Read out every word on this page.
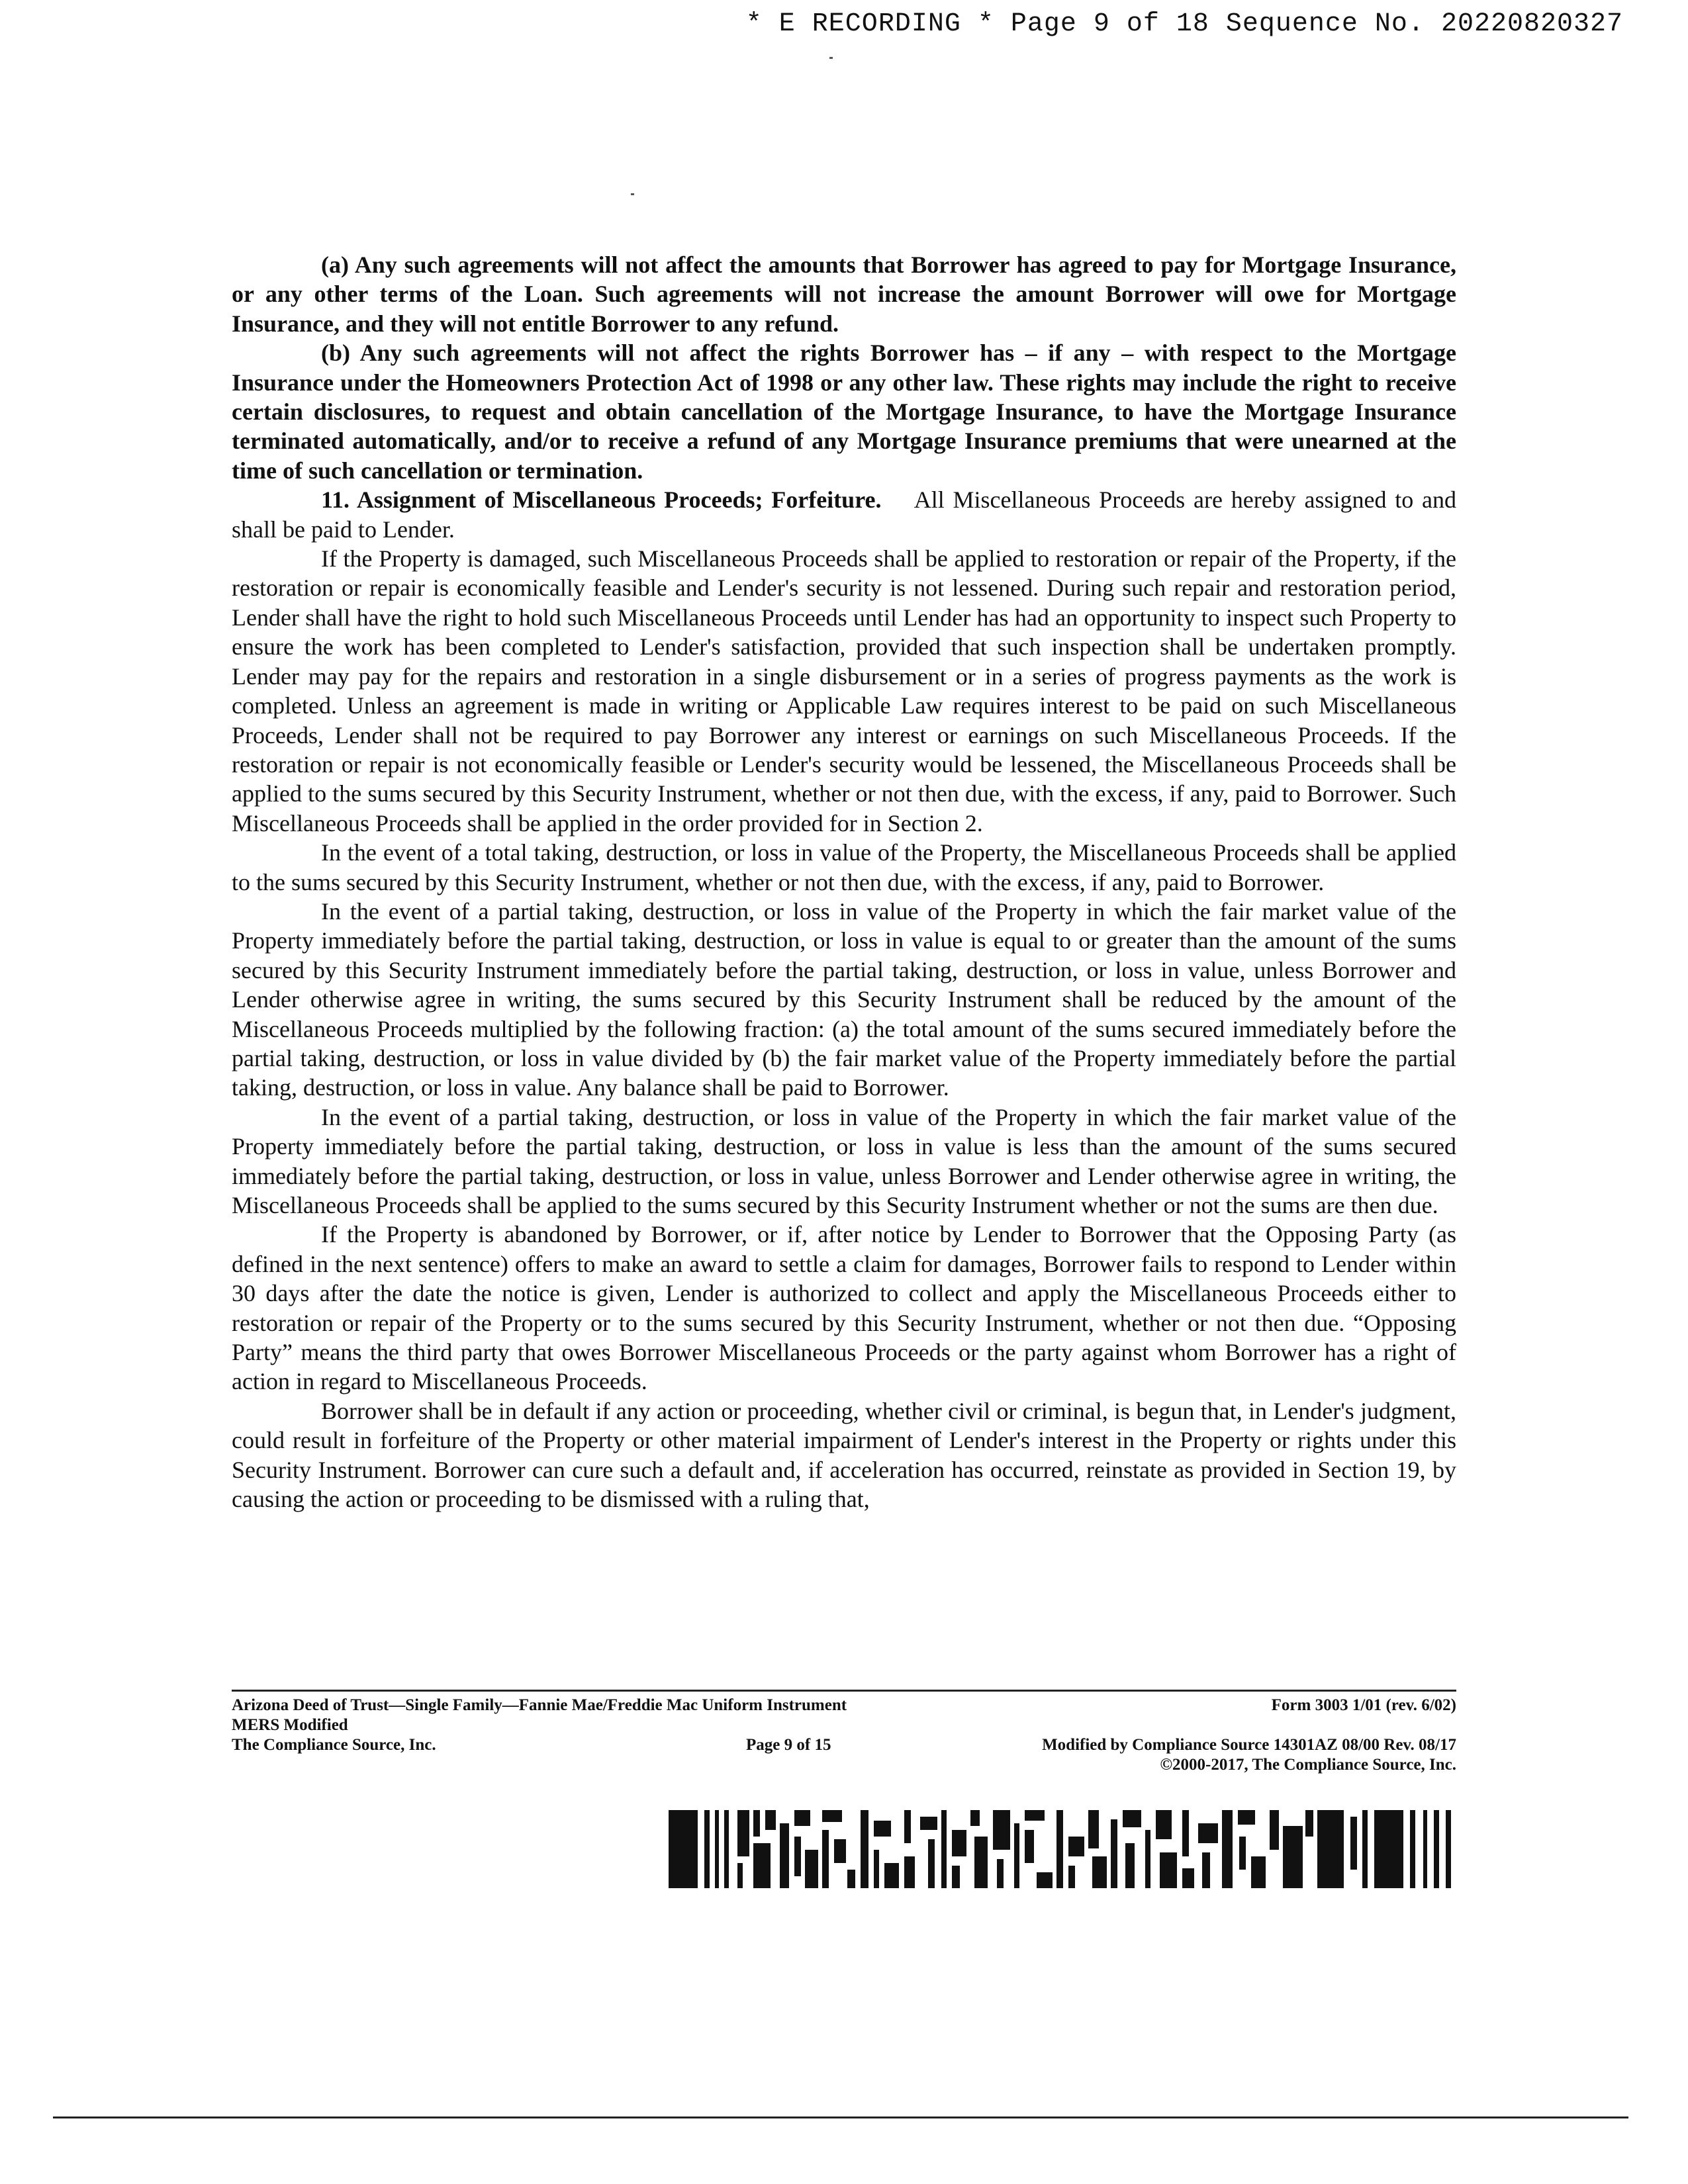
* E RECORDING * Page 9 of 18 Sequence No. 20220820327

(a) Any such agreements will not affect the amounts that Borrower has agreed to pay for Mortgage Insurance, or any other terms of the Loan. Such agreements will not increase the amount Borrower will owe for Mortgage Insurance, and they will not entitle Borrower to any refund.

(b) Any such agreements will not affect the rights Borrower has – if any – with respect to the Mortgage Insurance under the Homeowners Protection Act of 1998 or any other law. These rights may include the right to receive certain disclosures, to request and obtain cancellation of the Mortgage Insurance, to have the Mortgage Insurance terminated automatically, and/or to receive a refund of any Mortgage Insurance premiums that were unearned at the time of such cancellation or termination.

11. Assignment of Miscellaneous Proceeds; Forfeiture. All Miscellaneous Proceeds are hereby assigned to and shall be paid to Lender.

If the Property is damaged, such Miscellaneous Proceeds shall be applied to restoration or repair of the Property, if the restoration or repair is economically feasible and Lender's security is not lessened. During such repair and restoration period, Lender shall have the right to hold such Miscellaneous Proceeds until Lender has had an opportunity to inspect such Property to ensure the work has been completed to Lender's satisfaction, provided that such inspection shall be undertaken promptly. Lender may pay for the repairs and restoration in a single disbursement or in a series of progress payments as the work is completed. Unless an agreement is made in writing or Applicable Law requires interest to be paid on such Miscellaneous Proceeds, Lender shall not be required to pay Borrower any interest or earnings on such Miscellaneous Proceeds. If the restoration or repair is not economically feasible or Lender's security would be lessened, the Miscellaneous Proceeds shall be applied to the sums secured by this Security Instrument, whether or not then due, with the excess, if any, paid to Borrower. Such Miscellaneous Proceeds shall be applied in the order provided for in Section 2.

In the event of a total taking, destruction, or loss in value of the Property, the Miscellaneous Proceeds shall be applied to the sums secured by this Security Instrument, whether or not then due, with the excess, if any, paid to Borrower.

In the event of a partial taking, destruction, or loss in value of the Property in which the fair market value of the Property immediately before the partial taking, destruction, or loss in value is equal to or greater than the amount of the sums secured by this Security Instrument immediately before the partial taking, destruction, or loss in value, unless Borrower and Lender otherwise agree in writing, the sums secured by this Security Instrument shall be reduced by the amount of the Miscellaneous Proceeds multiplied by the following fraction: (a) the total amount of the sums secured immediately before the partial taking, destruction, or loss in value divided by (b) the fair market value of the Property immediately before the partial taking, destruction, or loss in value. Any balance shall be paid to Borrower.

In the event of a partial taking, destruction, or loss in value of the Property in which the fair market value of the Property immediately before the partial taking, destruction, or loss in value is less than the amount of the sums secured immediately before the partial taking, destruction, or loss in value, unless Borrower and Lender otherwise agree in writing, the Miscellaneous Proceeds shall be applied to the sums secured by this Security Instrument whether or not the sums are then due.

If the Property is abandoned by Borrower, or if, after notice by Lender to Borrower that the Opposing Party (as defined in the next sentence) offers to make an award to settle a claim for damages, Borrower fails to respond to Lender within 30 days after the date the notice is given, Lender is authorized to collect and apply the Miscellaneous Proceeds either to restoration or repair of the Property or to the sums secured by this Security Instrument, whether or not then due. “Opposing Party” means the third party that owes Borrower Miscellaneous Proceeds or the party against whom Borrower has a right of action in regard to Miscellaneous Proceeds.

Borrower shall be in default if any action or proceeding, whether civil or criminal, is begun that, in Lender's judgment, could result in forfeiture of the Property or other material impairment of Lender's interest in the Property or rights under this Security Instrument. Borrower can cure such a default and, if acceleration has occurred, reinstate as provided in Section 19, by causing the action or proceeding to be dismissed with a ruling that,

Arizona Deed of Trust—Single Family—Fannie Mae/Freddie Mac Uniform Instrument	Form 3003 1/01 (rev. 6/02)
MERS Modified
The Compliance Source, Inc.	Page 9 of 15	Modified by Compliance Source 14301AZ 08/00 Rev. 08/17
©2000-2017, The Compliance Source, Inc.
